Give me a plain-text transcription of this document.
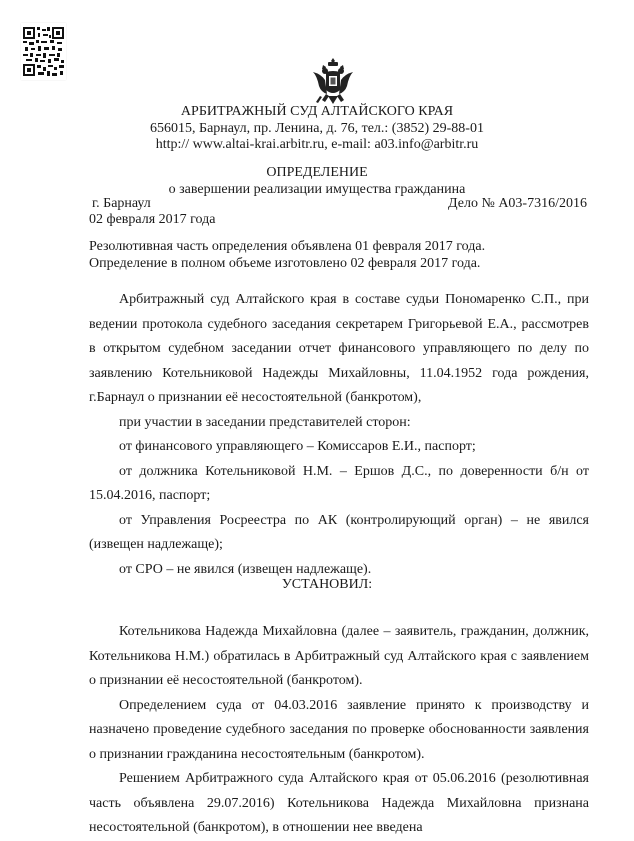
АРБИТРАЖНЫЙ СУД АЛТАЙСКОГО КРАЯ
656015, Барнаул, пр. Ленина, д. 76, тел.: (3852) 29-88-01
http:// www.altai-krai.arbitr.ru, e-mail: a03.info@arbitr.ru
ОПРЕДЕЛЕНИЕ
о завершении реализации имущества гражданина
г. Барнаул	Дело № А03-7316/2016
02 февраля 2017 года
Резолютивная часть определения объявлена 01 февраля 2017 года.
Определение в полном объеме изготовлено 02 февраля 2017 года.

Арбитражный суд Алтайского края в составе судьи Пономаренко С.П., при ведении протокола судебного заседания секретарем Григорьевой Е.А., рассмотрев в открытом судебном заседании отчет финансового управляющего по делу по заявлению Котельниковой Надежды Михайловны, 11.04.1952 года рождения, г.Барнаул о признании её несостоятельной (банкротом),

при участии в заседании представителей сторон:

от финансового управляющего – Комиссаров Е.И., паспорт;

от должника Котельниковой Н.М. – Ершов Д.С., по доверенности б/н от 15.04.2016, паспорт;

от Управления Росреестра по АК (контролирующий орган) – не явился (извещен надлежаще);

от СРО – не явился (извещен надлежаще).

УСТАНОВИЛ:

Котельникова Надежда Михайловна (далее – заявитель, гражданин, должник, Котельникова Н.М.) обратилась в Арбитражный суд Алтайского края с заявлением о признании её несостоятельной (банкротом).

Определением суда от 04.03.2016 заявление принято к производству и назначено проведение судебного заседания по проверке обоснованности заявления о признании гражданина несостоятельным (банкротом).

Решением Арбитражного суда Алтайского края от 05.06.2016 (резолютивная часть объявлена 29.07.2016) Котельникова Надежда Михайловна признана несостоятельной (банкротом), в отношении нее введена
